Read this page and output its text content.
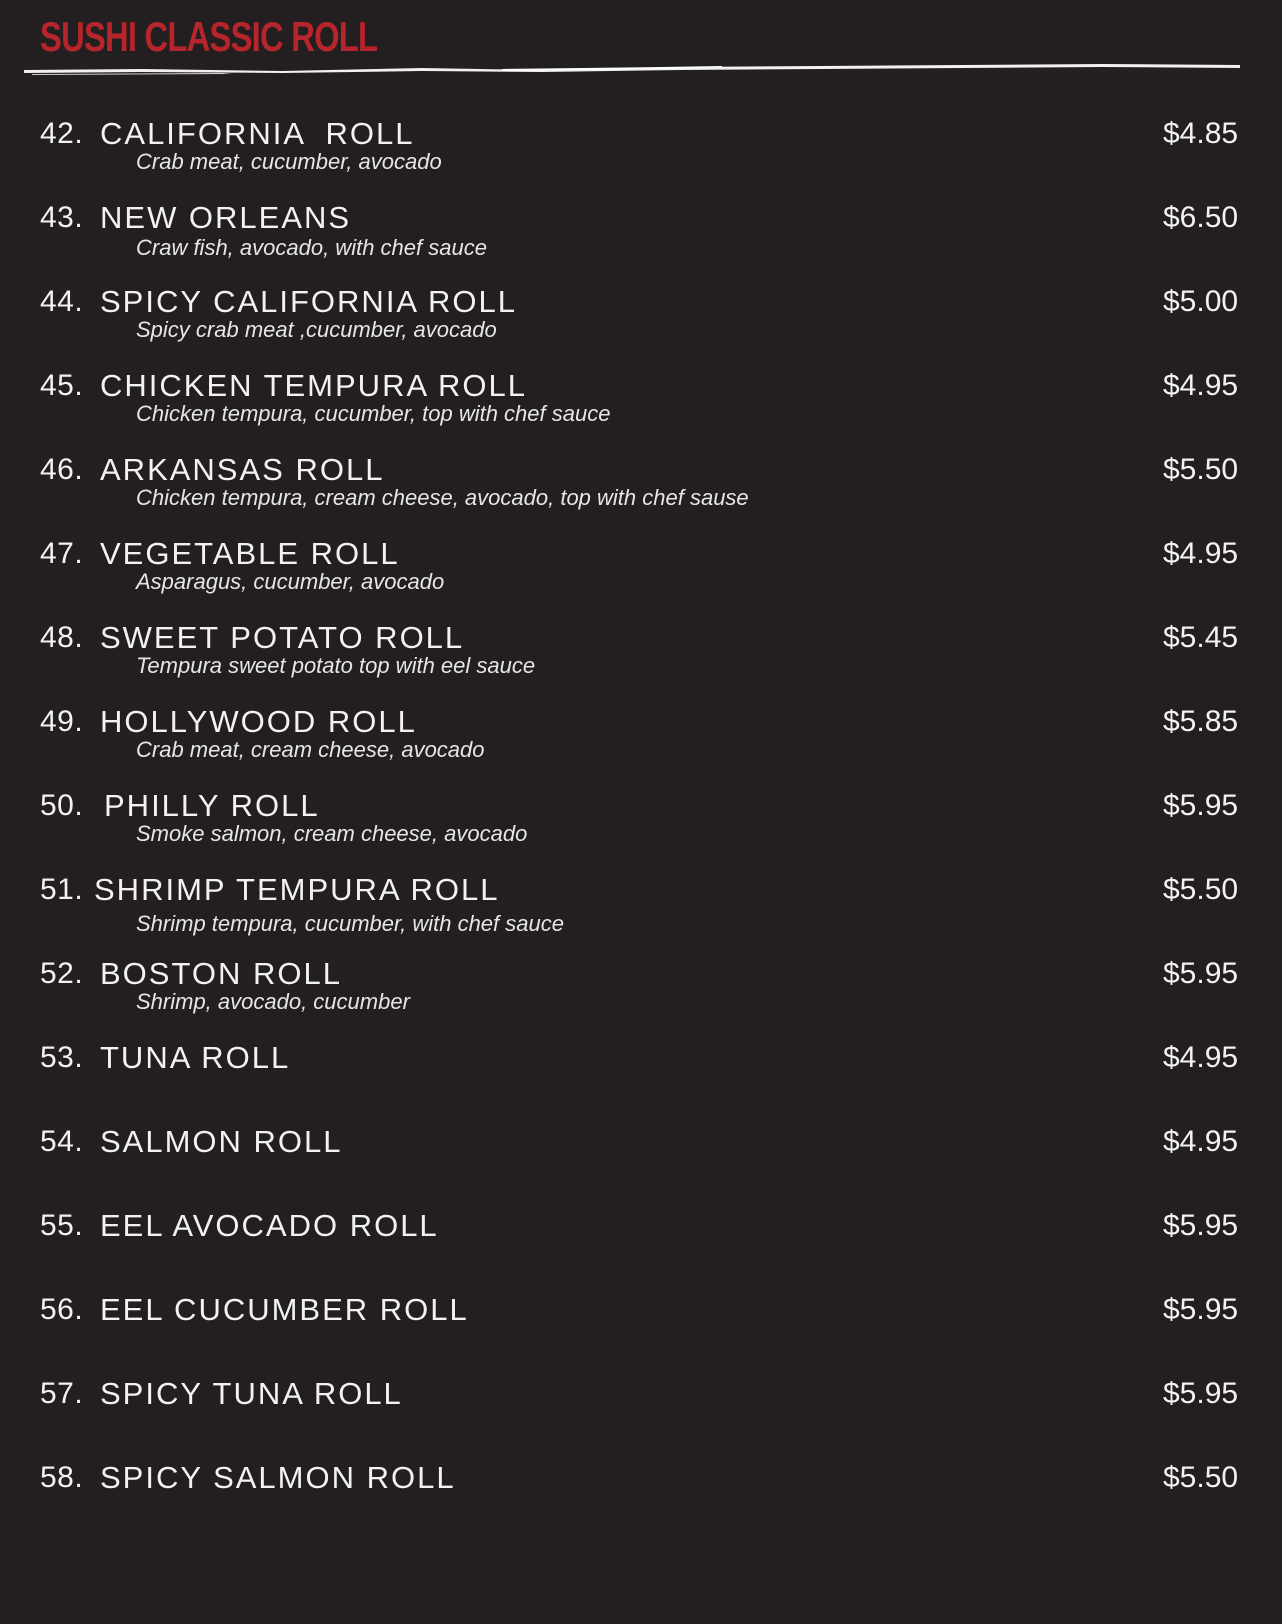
SUSHI CLASSIC ROLL
42. CALIFORNIA  ROLL
Crab meat, cucumber, avocado
$4.85
43. NEW ORLEANS
Craw fish, avocado, with chef sauce
$6.50
44. SPICY CALIFORNIA ROLL
Spicy crab meat ,cucumber, avocado
$5.00
45. CHICKEN TEMPURA ROLL
Chicken tempura, cucumber, top with chef sauce
$4.95
46. ARKANSAS ROLL
Chicken tempura, cream cheese, avocado, top with chef sause
$5.50
47. VEGETABLE ROLL
Asparagus, cucumber, avocado
$4.95
48. SWEET POTATO ROLL
Tempura sweet potato top with eel sauce
$5.45
49. HOLLYWOOD ROLL
Crab meat, cream cheese, avocado
$5.85
50. PHILLY ROLL
Smoke salmon, cream cheese, avocado
$5.95
51. SHRIMP TEMPURA ROLL
Shrimp tempura, cucumber, with chef sauce
$5.50
52. BOSTON ROLL
Shrimp, avocado, cucumber
$5.95
53. TUNA ROLL	$4.95
54. SALMON ROLL	$4.95
55. EEL AVOCADO ROLL	$5.95
56. EEL CUCUMBER ROLL	$5.95
57. SPICY TUNA ROLL	$5.95
58. SPICY SALMON ROLL	$5.50
